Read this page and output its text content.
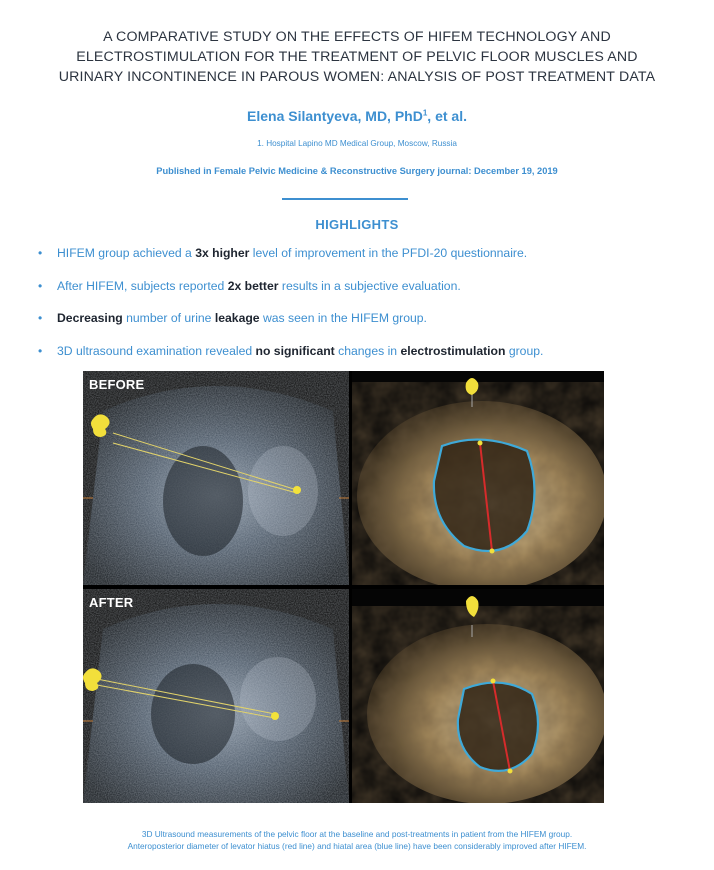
A COMPARATIVE STUDY ON THE EFFECTS OF HIFEM TECHNOLOGY AND
ELECTROSTIMULATION FOR THE TREATMENT OF PELVIC FLOOR MUSCLES AND
URINARY INCONTINENCE IN PAROUS WOMEN: ANALYSIS OF POST TREATMENT DATA
Elena Silantyeva, MD, PhD$^1$, et al.
1. Hospital Lapino MD Medical Group, Moscow, Russia
Published in Female Pelvic Medicine & Reconstructive Surgery journal: December 19, 2019
HIGHLIGHTS
• HIFEM group achieved a 3x higher level of improvement in the PFDI-20 questionnaire.
• After HIFEM, subjects reported 2x better results in a subjective evaluation.
• Decreasing number of urine leakage was seen in the HIFEM group.
• 3D ultrasound examination revealed no significant changes in electrostimulation group.
BEFORE
AFTER
3D Ultrasound measurements of the pelvic floor at the baseline and post-treatments in patient from the HIFEM group.
Anteroposterior diameter of levator hiatus (red line) and hiatal area (blue line) have been considerably improved after HIFEM.
